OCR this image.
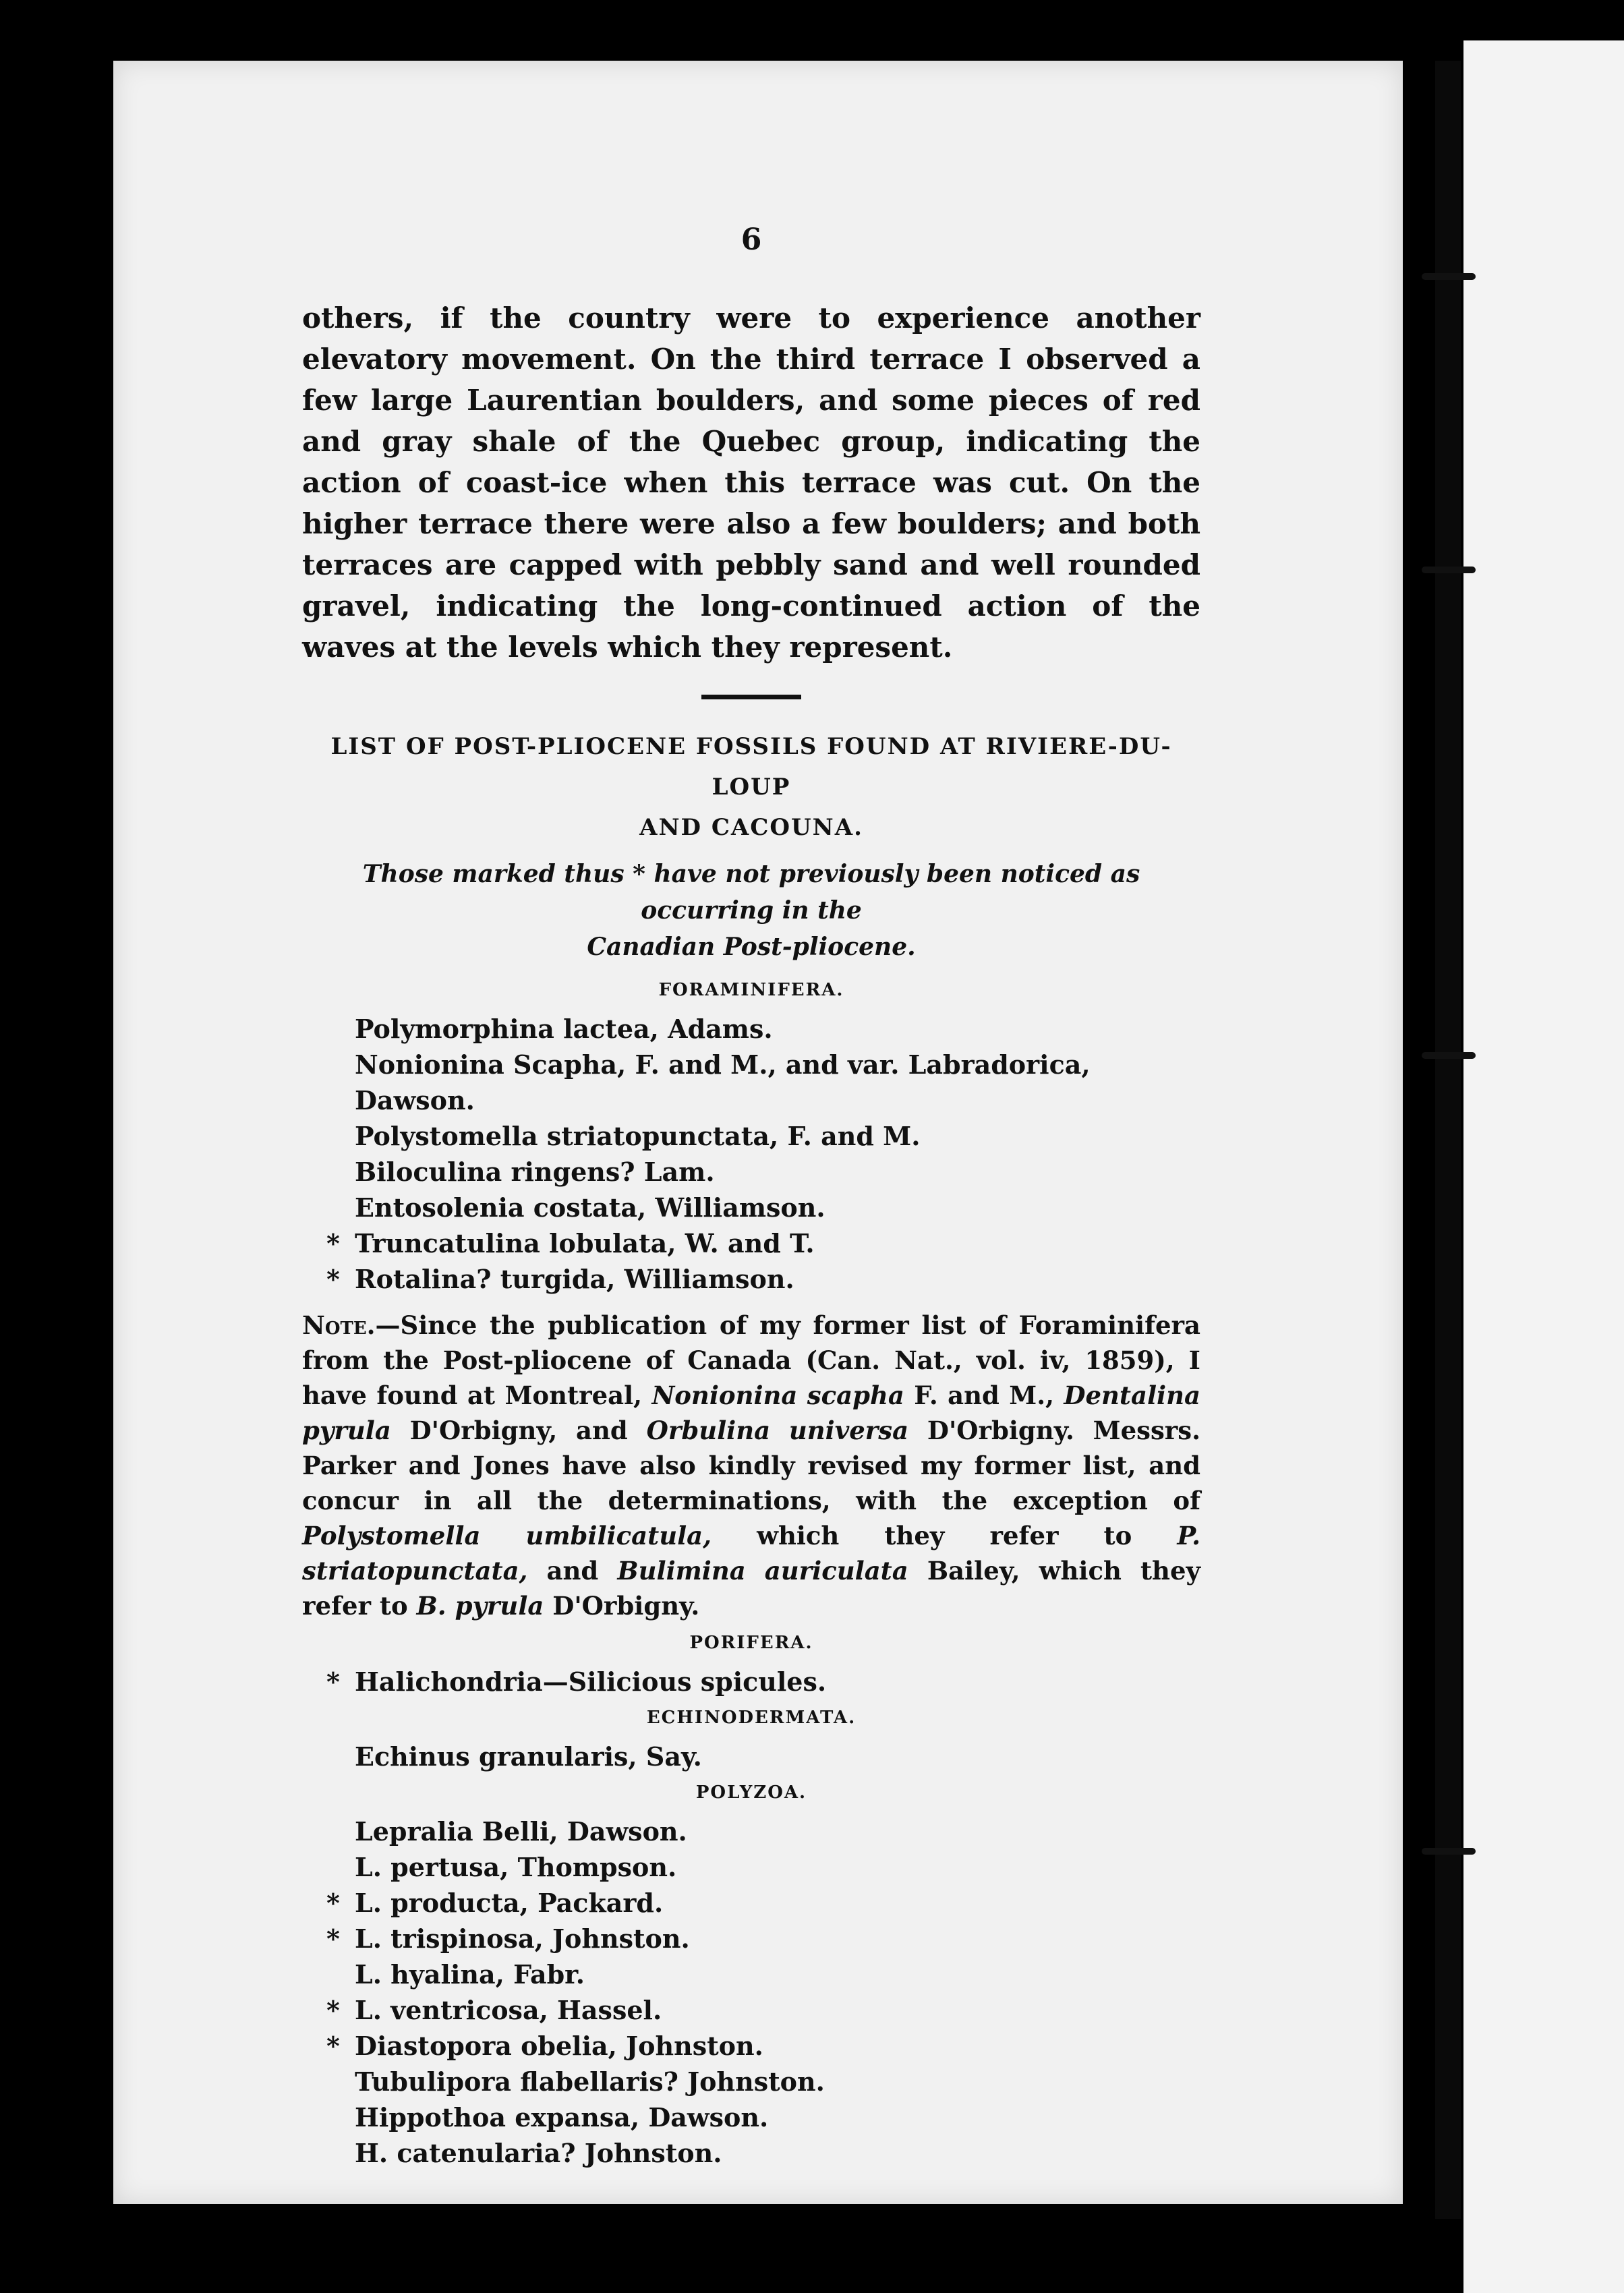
6

others, if the country were to experience another elevatory movement. On the third terrace I observed a few large Laurentian boulders, and some pieces of red and gray shale of the Quebec group, indicating the action of coast-ice when this terrace was cut. On the higher terrace there were also a few boulders; and both terraces are capped with pebbly sand and well rounded gravel, indicating the long-continued action of the waves at the levels which they represent.

LIST OF POST-PLIOCENE FOSSILS FOUND AT RIVIERE-DU-LOUP

AND CACOUNA.

Those marked thus * have not previously been noticed as occurring in the
Canadian Post-pliocene.

FORAMINIFERA.
Polymorphina lactea, Adams.
Nonionina Scapha, F. and M., and var. Labradorica, Dawson.
Polystomella striatopunctata, F. and M.
Biloculina ringens? Lam.
Entosolenia costata, Williamson.
* Truncatulina lobulata, W. and T.
* Rotalina? turgida, Williamson.

Note.—Since the publication of my former list of Foraminifera from the Post-pliocene of Canada (Can. Nat., vol. iv, 1859), I have found at Montreal, Nonionina scapha F. and M., Dentalina pyrula D'Orbigny, and Orbulina universa D'Orbigny. Messrs. Parker and Jones have also kindly revised my former list, and concur in all the determinations, with the exception of Polystomella umbilicatula, which they refer to P. striatopunctata, and Bulimina auriculata Bailey, which they refer to B. pyrula D'Orbigny.

PORIFERA.
* Halichondria—Silicious spicules.
ECHINODERMATA.
Echinus granularis, Say.
POLYZOA.
Lepralia Belli, Dawson.
L. pertusa, Thompson.
* L. producta, Packard.
* L. trispinosa, Johnston.
L. hyalina, Fabr.
* L. ventricosa, Hassel.
* Diastopora obelia, Johnston.
Tubulipora flabellaris? Johnston.
Hippothoa expansa, Dawson.
H. catenularia? Johnston.
